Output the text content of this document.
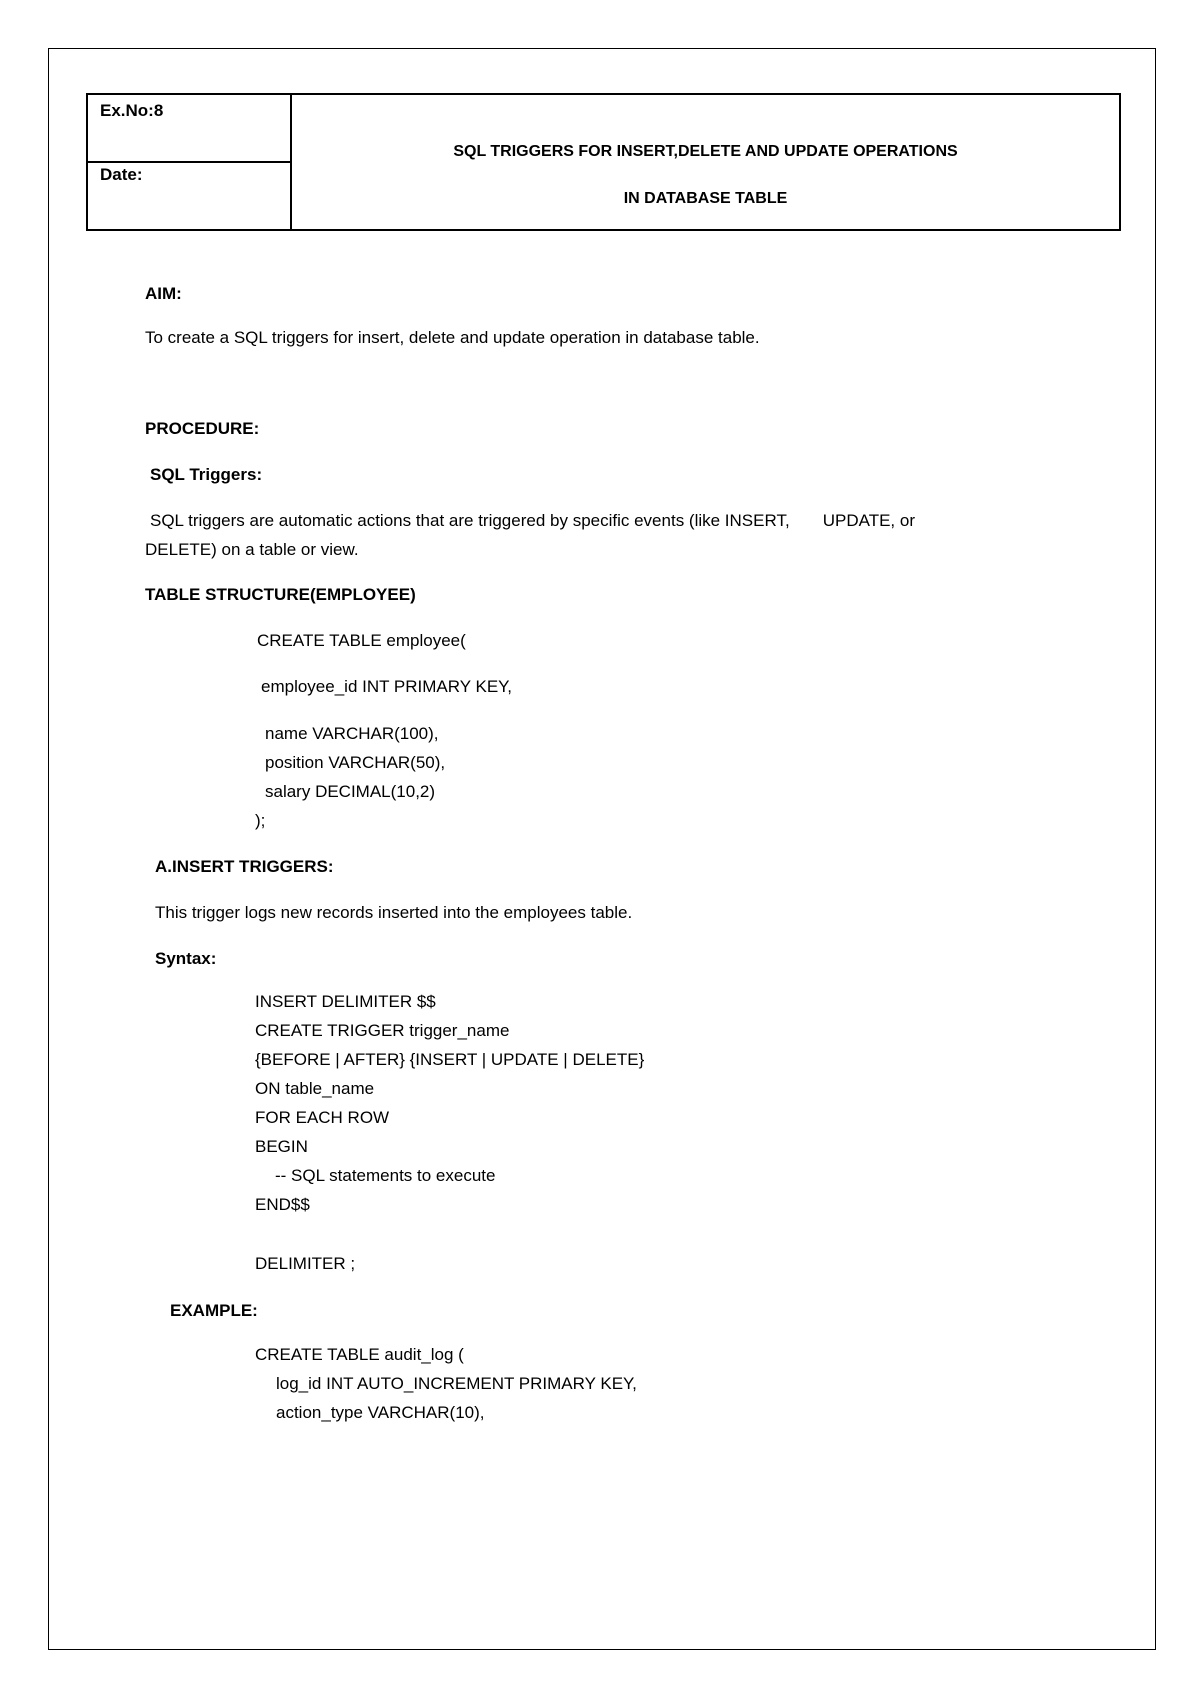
Ex.No:8
Date:
SQL TRIGGERS FOR INSERT,DELETE AND UPDATE OPERATIONS
IN DATABASE TABLE
AIM:
To create a SQL triggers for insert, delete and update operation in database table.
PROCEDURE:
SQL Triggers:
SQL triggers are automatic actions that are triggered by specific events (like INSERT,       UPDATE, or
DELETE) on a table or view.
TABLE STRUCTURE(EMPLOYEE)
CREATE TABLE employee(
employee_id INT PRIMARY KEY,
name VARCHAR(100),
position VARCHAR(50),
salary DECIMAL(10,2)
);
A.INSERT TRIGGERS:
This trigger logs new records inserted into the employees table.
Syntax:
INSERT DELIMITER $$
CREATE TRIGGER trigger_name
{BEFORE | AFTER} {INSERT | UPDATE | DELETE}
ON table_name
FOR EACH ROW
BEGIN
-- SQL statements to execute
END$$
DELIMITER ;
EXAMPLE:
CREATE TABLE audit_log (
log_id INT AUTO_INCREMENT PRIMARY KEY,
action_type VARCHAR(10),
